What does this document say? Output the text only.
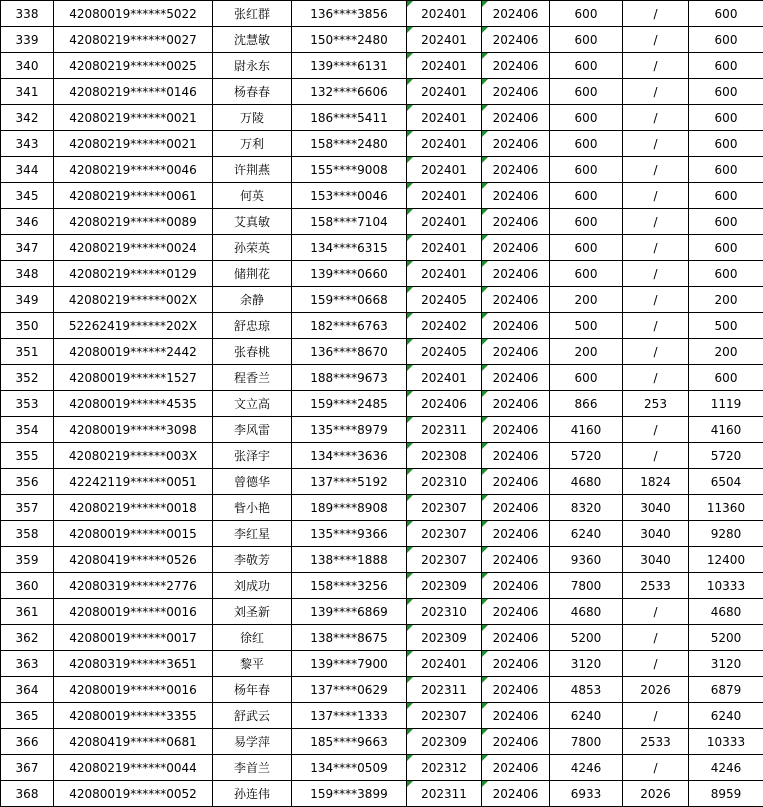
338	42080019******5022	张红群	136****3856	202401	202406	600	/	600
339	42080219******0027	沈慧敏	150****2480	202401	202406	600	/	600
340	42080219******0025	尉永东	139****6131	202401	202406	600	/	600
341	42080219******0146	杨春春	132****6606	202401	202406	600	/	600
342	42080219******0021	万陵	186****5411	202401	202406	600	/	600
343	42080219******0021	万利	158****2480	202401	202406	600	/	600
344	42080219******0046	许荆燕	155****9008	202401	202406	600	/	600
345	42080219******0061	何英	153****0046	202401	202406	600	/	600
346	42080219******0089	艾真敏	158****7104	202401	202406	600	/	600
347	42080219******0024	孙荣英	134****6315	202401	202406	600	/	600
348	42080219******0129	储荆花	139****0660	202401	202406	600	/	600
349	42080219******002X	余静	159****0668	202405	202406	200	/	200
350	52262419******202X	舒忠琼	182****6763	202402	202406	500	/	500
351	42080019******2442	张春桃	136****8670	202405	202406	200	/	200
352	42080019******1527	程香兰	188****9673	202401	202406	600	/	600
353	42080019******4535	文立高	159****2485	202406	202406	866	253	1119
354	42080019******3098	李风雷	135****8979	202311	202406	4160	/	4160
355	42080219******003X	张泽宇	134****3636	202308	202406	5720	/	5720
356	42242119******0051	曾德华	137****5192	202310	202406	4680	1824	6504
357	42080219******0018	眥小艳	189****8908	202307	202406	8320	3040	11360
358	42080019******0015	李红星	135****9366	202307	202406	6240	3040	9280
359	42080419******0526	李敬芳	138****1888	202307	202406	9360	3040	12400
360	42080319******2776	刘成功	158****3256	202309	202406	7800	2533	10333
361	42080019******0016	刘圣新	139****6869	202310	202406	4680	/	4680
362	42080019******0017	徐红	138****8675	202309	202406	5200	/	5200
363	42080319******3651	黎平	139****7900	202401	202406	3120	/	3120
364	42080019******0016	杨年春	137****0629	202311	202406	4853	2026	6879
365	42080019******3355	舒武云	137****1333	202307	202406	6240	/	6240
366	42080419******0681	易学萍	185****9663	202309	202406	7800	2533	10333
367	42080219******0044	李首兰	134****0509	202312	202406	4246	/	4246
368	42080019******0052	孙连伟	159****3899	202311	202406	6933	2026	8959
